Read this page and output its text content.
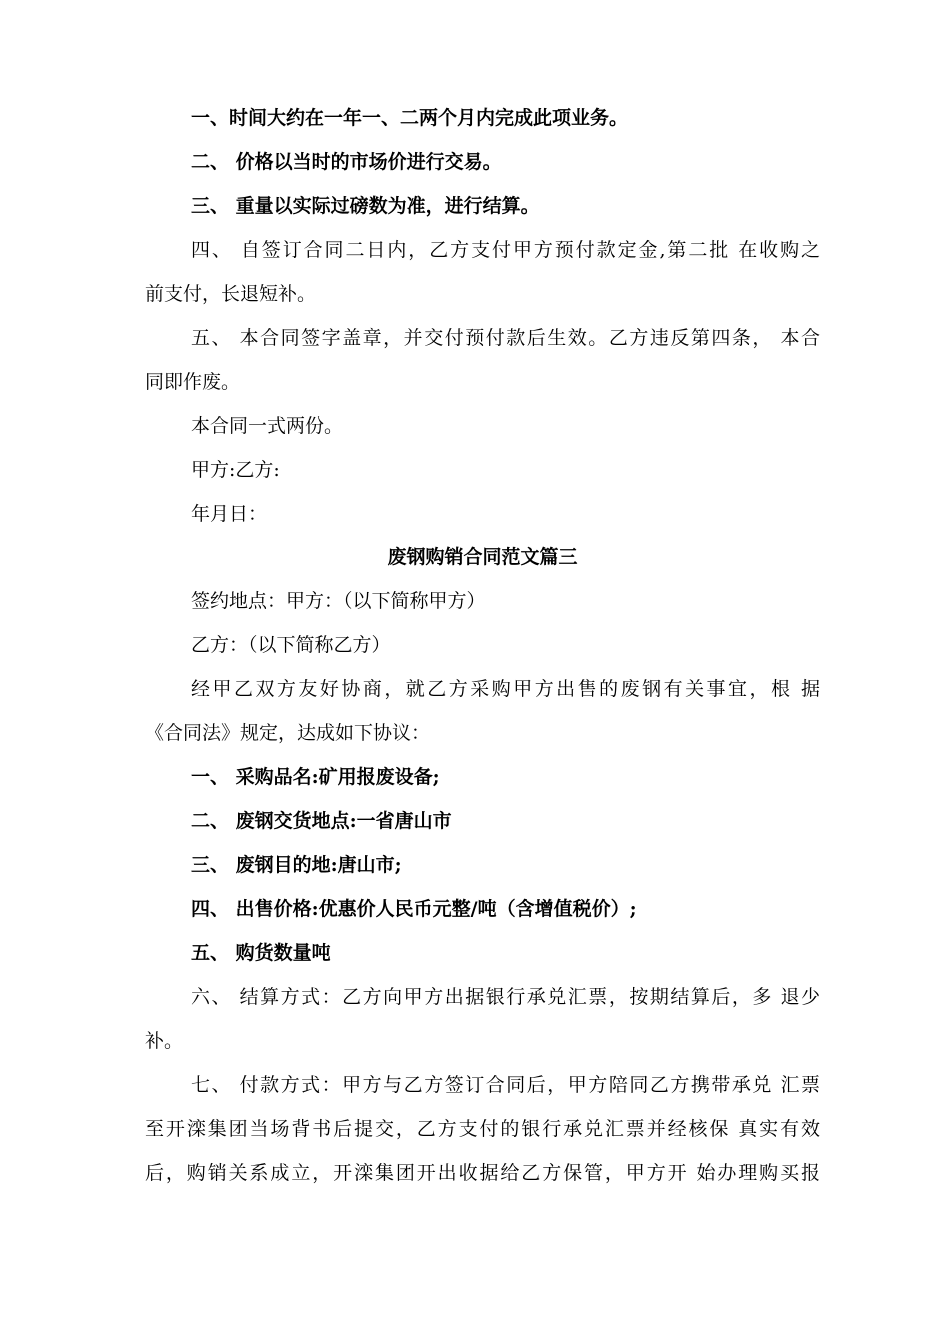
一、时间大约在一年一、二两个月内完成此项业务。
二、 价格以当时的市场价进行交易。
三、 重量以实际过磅数为准，进行结算。
四、 自签订合同二日内，乙方支付甲方预付款定金,第二批 在收购之
前支付，长退短补。
五、 本合同签字盖章，并交付预付款后生效。乙方违反第四条， 本合
同即作废。
本合同一式两份。
甲方:乙方:
年月日：
废钢购销合同范文篇三
签约地点：甲方：（以下简称甲方）
乙方：（以下简称乙方）
经甲乙双方友好协商，就乙方采购甲方出售的废钢有关事宜，根 据
《合同法》规定，达成如下协议：
一、 采购品名:矿用报废设备;
二、 废钢交货地点:一省唐山市
三、 废钢目的地:唐山市;
四、 出售价格:优惠价人民币元整/吨（含增值税价）;
五、 购货数量吨
六、 结算方式：乙方向甲方出据银行承兑汇票，按期结算后，多 退少
补。
七、 付款方式：甲方与乙方签订合同后，甲方陪同乙方携带承兑 汇票
至开滦集团当场背书后提交，乙方支付的银行承兑汇票并经核保 真实有效
后，购销关系成立，开滦集团开出收据给乙方保管，甲方开 始办理购买报
